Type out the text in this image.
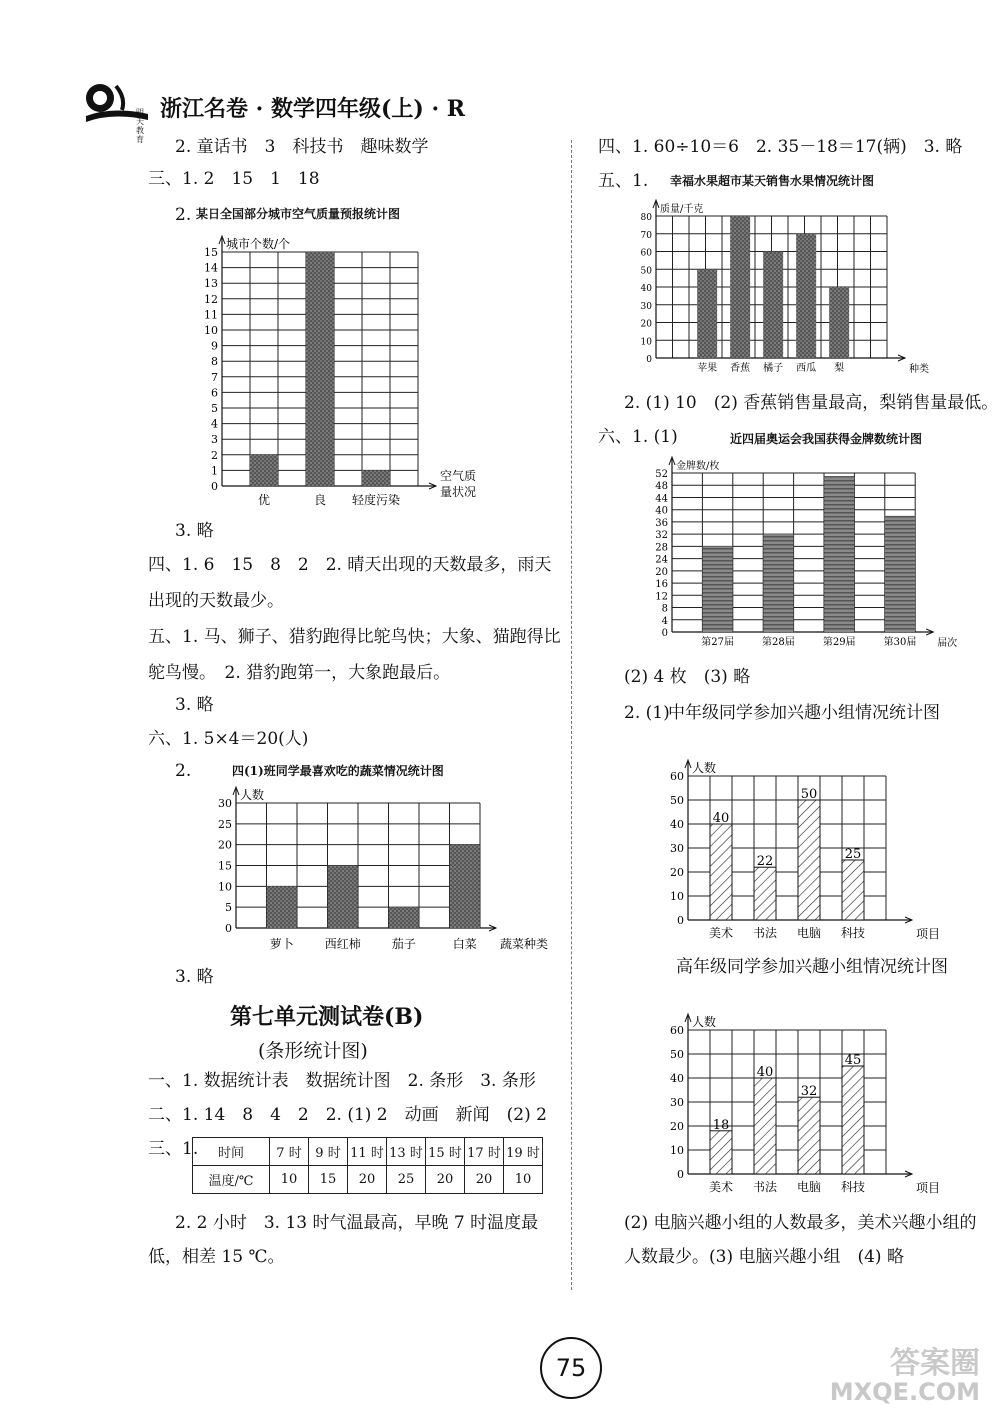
明天教育
浙江名卷 · 数学四年级(上) · R
2. 童话书　3　科技书　趣味数学
三、1. 2　15　1　18
2. 某日全国部分城市空气质量预报统计图
0
1
2
3
4
5
6
7
8
9
10
11
12
13
14
15
城市个数/个
空气质
量状况
优	良 轻度污染
3. 略
四、1. 6　15　8　2　2. 晴天出现的天数最多，雨天
出现的天数最少。
五、1. 马、狮子、猎豹跑得比鸵鸟快；大象、猫跑得比
鸵鸟慢。　2. 猎豹跑第一，大象跑最后。
3. 略
六、1. 5×4＝20(人)
2.	四(1)班同学最喜欢吃的蔬菜情况统计图
0
5
10
15
20
25
30
人数
蔬菜种类
萝卜	西红柿	茄子	白菜
3. 略
第七单元测试卷(B)
(条形统计图)
一、1. 数据统计表　数据统计图　2. 条形　3. 条形
二、1. 14　8　4　2　2. (1) 2　动画　新闻　(2) 2
三、1. 时间	7 时	9 时	11 时	13 时	15 时	17 时	19 时
温度/℃	10	15	20	25	20	20	10
2. 2 小时　3. 13 时气温最高，早晚 7 时温度最
低，相差 15 ℃。
四、1. 60÷10＝6　2. 35－18＝17(辆)　3. 略
五、1. 幸福水果超市某天销售水果情况统计图
0
10
20
30
40
50
60
70
80
质量/千克
种类
苹果 香蕉 橘子 西瓜 梨
2. (1) 10　(2) 香蕉销售量最高，梨销售量最低。
六、1. (1)	近四届奥运会我国获得金牌数统计图
0
4
8
12
16
20
24
28
32
36
40
44
48
52
金牌数/枚
届次
第27届	第28届	第29届	第30届
(2) 4 枚　(3) 略
2. (1)
中年级同学参加兴趣小组情况统计图
0
10
20
30
40
50
60
人数
项目
美术
40
书法
22
电脑
50
科技
25
高年级同学参加兴趣小组情况统计图
0
10
20
30
40
50
60
人数
项目
美术
18
书法
40
电脑
32
科技
45
(2) 电脑兴趣小组的人数最多，美术兴趣小组的
人数最少。(3) 电脑兴趣小组　(4) 略
75	答案圈
MXQE.COM
